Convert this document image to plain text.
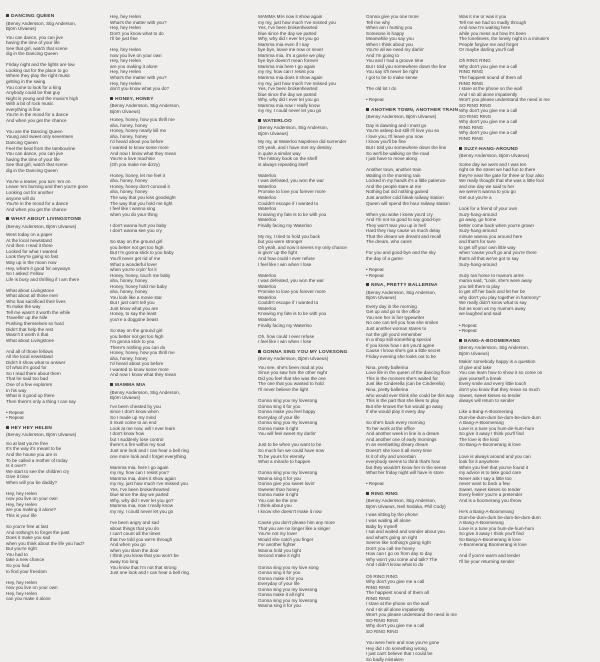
DANCING QUEEN
(Benny Andersson, Stig Anderson,
Björn Ulvaeus)
You can dance, you can jive
having the time of your life
See that girl, watch that scene
dig in the Dancing Queen

Friday night and the lights are low
Looking out for the place to go
Where they play the right music
getting in the swing
You come to look for a king
Anybody could be that guy
Night is young and the music's high
With a bit of rock music
everything is fine
You're in the mood for a dance
And when you get the chance

You are the Dancing Queen
Young and sweet only seventeen
Dancing Queen
Feel the beat from the tambourine
You can dance, you can jive
having the time of your life
See that girl, watch that scene
dig in the Dancing Queen

You're a teaser, you turn 'em on
Leave 'em burning and then you're gone
Looking out for another
anyone will do
You're in the mood for a dance
And when you get the chance
WHAT ABOUT LIVINGSTONE
(Benny Andersson, Björn Ulvaeus)
Went today on a paper
At the local newsstand
And then I read it there
Looked for what I wanted
Look they're going so fast
Way up in the moon now
Hey, what's it good for anyways
So I asked: Fellow
Life is busy and thrilling if I am there

What about Livingstone
What about all those men
Who has sacrificed their lives
To make the way
Tell me wasn't it worth the while
Travellin' up the Nile
Pushing themselves so hard
Didn't that help the rest
Wasn't it worth it that
What about Livingstone

And all of those fellows
All the local newsstand
Didn't it show what to answer
Of what it's good for
So I read there about them
That he said too bad
One of a few explorers
In his way
What is it good up there
Then there's only a thing I can say

• Repeat
• Repeat
HEY HEY HELEN
(Benny Andersson, Björn Ulvaeus)
So at last you're free
It's the way it's meant to be
And the house you are in
To be called a mother of today
Is it over?
We start to see the children cry
Give it time
When will you be daddy?

Hey, hey Helen
now you live on your own
Hey, hey Helen
are you making it alone?
This is your life

So you're free at last
And nothing's to forget the past
Does it make you sad
when you think about the life you had?
But you're right
You had to
take a new chance
So you had
to find your freedom

Hey, hey Helen
now you live on your own
Hey, hey Helen
can you make it alone
Hey, hey Helen
What's the matter with you?
Hey, hey Helen
Don't you know what to do
I'll be just fine

Hey, hey Helen
now you live on your own
Hey, hey Helen
are you making it alone
Hey, hey Helen
What's the matter with you?
Hey, hey Helen
don't you know what you do?
HONEY, HONEY
(Benny Andersson, Stig Anderson,
Björn Ulvaeus)
Honey, honey, how you thrill me
aha, honey, honey
Honey, honey nearly kill me
aha, honey, honey
I'd heard about you before
I wanted to know some more
And now I know what they mean
You're a love machine
(Oh you make me dizzy)

Honey, honey, let me feel it
aha, honey, honey
Honey, honey don't conceal it
aha, honey, honey
The way that you kiss goodnight
The way that you hold me tight
I feel like I wanna sing
when you do your thing

I don't wanna hurt you baby
I don't wanna see you cry

So stay on the ground girl
you better not get too high
But I'm gonna stick to you baby
You'll never get rid of me
What a wonderful lover
when you're cryin' for it
Honey, honey, touch me baby
aha, honey, honey
Honey, honey hold me baby
aha, honey, honey
You look like a movie star
But I just can't tell you
Just know what you are
Honey, to say the least
you're a doggone beast

So stay on the ground girl
you better not get too high
I'm gonna stick to you
There's nothing you can do
Honey, honey, how you thrill me
aha, honey, honey
I'd heard about you before
I wanted to know some more
And now I know what they mean
MAMMA MIA
(Benny Andersson, Stig Anderson,
Björn Ulvaeus)
I've been cheated by you
since I don't know when
So I made up my mind
it must come to an end
Look at me now, will I ever learn
I don't know how
but I suddenly lose control
there's a fire within my soul
Just one look and I can hear a bell ring
one more look and I forget everything

Mamma mia, here I go again
my my, how can I resist you?
Mamma mia, does it show again
my my, just how much I've missed you
Yes, I've been brokenhearted
blue since the day we parted
Why, why did I ever let you go?
Mamma mia, now I really know
my my, I could never let you go

I've been angry and sad
about things that you do
I can't count all the times
that I've told you we're through
And when you go
when you slam the door
I think you know that you won't be
away too long
You know that I'm not that strong
Just one look and I can hear a bell ring
MAMMA MIA now it show again
my my, just how much I've missed you
Yes, I've been brokenhearted
blue since the day we parted
Why, why did I ever let you go
Mamma mia even if I say
bye bye, leave me now or never
Mamma mia, it's a game we play
bye bye doesn't mean forever
Mamma mia here I go again
my my, how can I resist you
Mamma mia does it show again
my my, just how much I've missed you
Yes, I've been brokenhearted
blue since the day we parted
Why, why did I ever let you go
Mamma mia now I really know
my my, I could never let you go
WATERLOO
(Benny Andersson, Stig Anderson,
Björn Ulvaeus)
My my, at Waterloo Napoleon did surrender
Oh yeah, and I have met my destiny
in quite a similar way
The history book on the shelf
is always repeating itself

Waterloo
I was defeated, you won the war
Waterloo
Promise to love you forever more
Waterloo
Couldn't escape if I wanted to
Waterloo
Knowing my fate is to be with you
Waterloo
Finally facing my Waterloo

My my, I tried to hold you back
but you were stronger
Oh yeah, and now it seems my only chance
is givin' up the fight
And how could I ever refuse
I feel like I win when I lose

Waterloo
I was defeated, you won the war
Waterloo
Promise to love you forever more
Waterloo
Couldn't escape if I wanted to
Waterloo
Knowing my fate is to be with you
Waterloo
Finally facing my Waterloo

Oh, how could I ever refuse
I feel like I win when I lose
GONNA SING YOU MY LOVESONG
(Benny Andersson, Björn Ulvaeus)
You see, she's been mad at you
Since you saw him the other night
Did you feel that she was the one
The one that you wanted to hold
I'll never believe the light

Gonna sing you my lovesong
Gonna sing it for you
Gonna make you feel happy
Everyday of your life
Gonna sing you my lovesong
Gonna make it right
You will feel sweet my darlin'

Just to be when you want to be
So much fun we could have now
To be yours for eternity
What a miracle to happen

Gonna sing you my lovesong
Wanna sing it for you
Gonna give you sweet lovin'
Sweeter than honey
Gonna make it right
You can be the one
I think about you
I know she doesn't make it now

Cause you don't please him any more
That you are no longer like a singer
You're not my lover
Would she catch you finger
For another fighter
Wanna hold you tight
Second make it right

Gonna sing you my love song
Gonna sing it for you
Gonna make it for you
Everyday of your life
Gonna sing you my lovesong
Gonna make it all right
Gonna sing you my lovesong
Wanna sing it for you
Gonna give you one more
Tell me why
When am I hurting you
Someone is happy
Meanwhile you say you
When I think about you
You're all we need my darlin'
And I'm going to
You and I had a groove time
But I told you somewhere down the line
You say it'll never be right
I got to be to make sense

The old lot I do

• Repeat
ANOTHER TOWN, ANOTHER TRAIN
(Benny Andersson, Björn Ulvaeus)
Day is dawning and I must go
You're asleep but still I'll love you so
I love you, I'll leave you now
I know you'll be fine
But I told you somewhere down the line
So we'll be walking on the road
I just have to move along

Another town, another train
Waiting in the morning rain
Locked in my hands it's a little patience
And the people stare at me
Nothing but old nothing gained
Just another cold bleak railway station
Queen will spend the hour railway station

When you woke I knew you'd cry
And I'm not so good to say good-bye
They won't tear you up in hell
Hard they may cause us much delay
That the dream we dreamt and recall
The dream, who cares

For you and good-bye and the sky
the day of a game

• Repeat
• Repeat
NINA, PRETTY BALLERINA
(Benny Andersson, Stig Anderson,
Björn Ulvaeus)
Every day in the morning
Get up and go to the office
You see her in her typewriter
No one can tell you how she smiles
Just another woman stares to
not the girl you'd remember
In a shop still something special
If you knew how I am you'd agree
Cause I know she's got a little secret
Friday evening she looks out to be

Nina, pretty ballerina
Love life in the queen of the dancing floor
This is the moment she's waited for
Just like Cinderella (can be Cinderella)
Nina, pretty ballerina
who would ever think she could be this way
This is the part that she likes to play
But she knows the fun would go away
If she would play it every day

So she's back every morning
To her work at the office
And another week in line in a dream
And another one of early mornings
In an everlasting dreary dream
Doesn't she love it all every time
Is it of shy and uncertain
everybody seems to think that's how
but they wouldn't know her in the sense
What her friday night will have in store

• Repeat
RING RING
(Benny Andersson, Stig Anderson,
Björn Ulvaeus, Neil Sedaka, Phil Cody)
I was sitting by the phone
I was waiting all alone
Baby by myself
I sat and waited and wonder about you
and what's going on right
Seems like nothing's going right
Don't you call me honey
How can I go on from day to day
Why won't you come and talk? The
And I didn't know what to do

Oh RING RING
Why don't you give me a call
RING RING
The happiest sound of them all
RING RING
I stare at the phone on the wall
And I sit all alone impatiently
Won't you please understand the need in me
SO RING RING
Why don't you give me a call
SO RING RING

You were here and now you're gone
Hey did I do something wrong
I just can't believe that I could be
So badly mistaken
Was it me or was it you
Tell me we had so madly through
And now I'm waiting here
while you mess out how it's been
The loneliness, the lonely night in a minute's
People forgive me and forget
Or maybe darling you'll call

Oh RING RING
Why don't you give me a call
RING RING
The happiest sound of them all
RING RING
I stare at the phone on the wall
And I sit all alone impatiently
Won't you please understand the need in me
SO RING RING
Why don't you give me a call
SO RING RING
Why don't you give me a call
RING RING
Why don't you give me a call
RING RING
SUZY-HANG-AROUND
(Benny Andersson, Björn Ulvaeus)
Some day we went and I was ten
right on the street we had fun to there
they're near the gate for three or four also
We really thought that she was a little fool
and one day we said to her
we weren't wanna to you go
Get out you're a

Look for a friend of your own
Suzy-hang-around
go away, go home
better come back when you're grown
Suzy-hang-around
minute wanna you around here
and that's for sure
to get off your own little way
when 'cause you'll go and you're there
that's all that we've got to say
Suzy-hang-around

Suzy ran home to mama's arms
mama said, "Look, she's were away
you tell them to play
to get off her back and let her be
why don't you play together in harmony"
We really didn't know what to say
but as soon as my mama's away
we laughed and said

• Repeat
• Repeat
BANG-A-BOOMERANG
(Benny Andersson, Stig Anderson,
Björn Ulvaeus)
Makin' somebody happy is a question
of give and take
You can learn how to show it so come on
give yourself a break
Every smile and every little touch
don't you know that they mean so much
Sweet, sweet kisses so tender
always will return to sender

Like a Bang-A-Boomerang
Dum-be-dum-dum be-dum-be-dum-dum
A Bang-A-Boomerang
Love is a tune you hum-de-hum-hum
So give it away I think you'll find
The love is the kind
So Bang-A-Boomerang is love

Love is always around and you can
look for it anywhere
When you feel that you've found it
my advice is to take good care
Never ask I say a little too
never want to back a few
Sweet, sweet kisses so tender
Every feelin' you're a pretender
And is a boomerang you throw

He's a Bang-A-Boomerang
Dum-be-dum-dum be-dum-be-dum-dum
A Bang-A-Boomerang
Love is a tune you hum-de-hum-hum
So give it away I think you'll find
So Bang-A-Boomerang is love
A-Boomerang Boomerang is love

And if you're warm and tender
I'll be your returning sender
